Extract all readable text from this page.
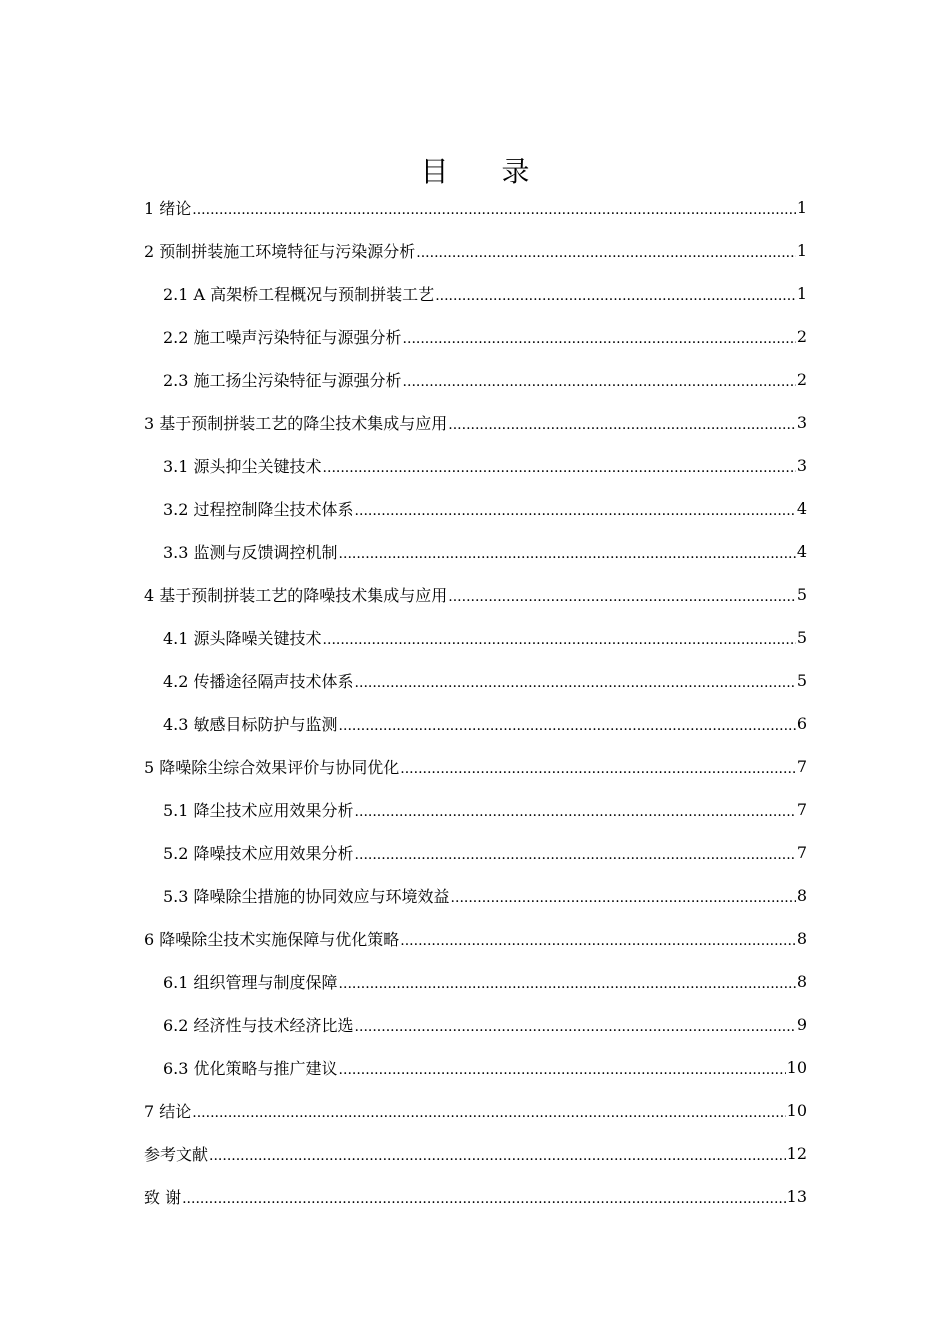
目 录
1 绪论 .....	1
2 预制拼装施工环境特征与污染源分析 .....	1
2.1 A 高架桥工程概况与预制拼装工艺 .....	1
2.2 施工噪声污染特征与源强分析 .....	2
2.3 施工扬尘污染特征与源强分析 .....	2
3 基于预制拼装工艺的降尘技术集成与应用 .....	3
3.1 源头抑尘关键技术 .....	3
3.2 过程控制降尘技术体系 .....	4
3.3 监测与反馈调控机制 .....	4
4 基于预制拼装工艺的降噪技术集成与应用 .....	5
4.1 源头降噪关键技术 .....	5
4.2 传播途径隔声技术体系 .....	5
4.3 敏感目标防护与监测 .....	6
5 降噪除尘综合效果评价与协同优化 .....	7
5.1 降尘技术应用效果分析 .....	7
5.2 降噪技术应用效果分析 .....	7
5.3 降噪除尘措施的协同效应与环境效益 .....	8
6 降噪除尘技术实施保障与优化策略 .....	8
6.1 组织管理与制度保障 .....	8
6.2 经济性与技术经济比选 .....	9
6.3 优化策略与推广建议 .....	10
7 结论 .....	10
参考文献 .....	12
致 谢 .....	13
